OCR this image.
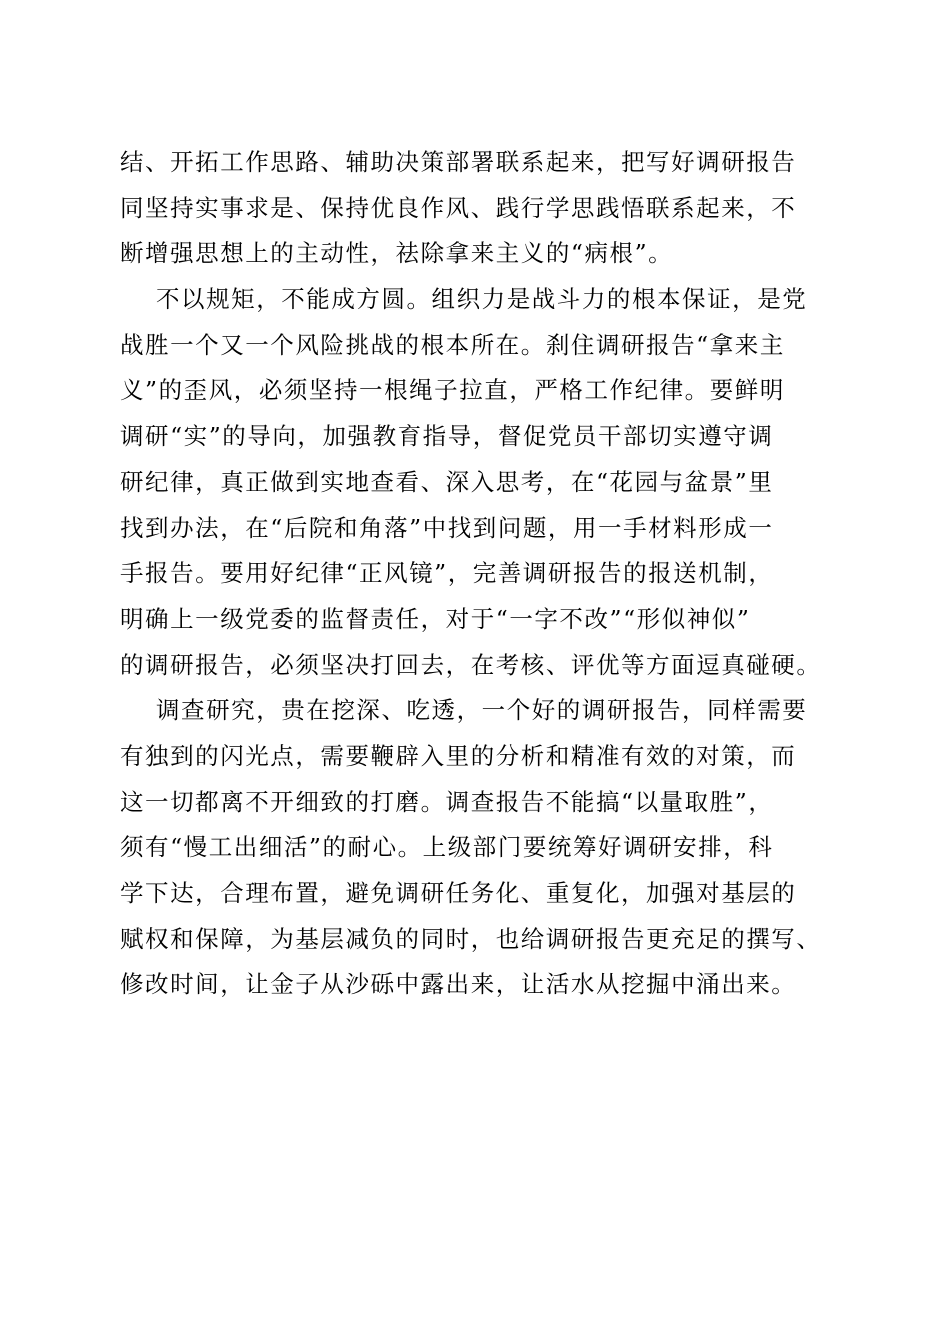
结、开拓工作思路、辅助决策部署联系起来，把写好调研报告
同坚持实事求是、保持优良作风、践行学思践悟联系起来，不
断增强思想上的主动性，祛除拿来主义的“病根”。
不以规矩，不能成方圆。组织力是战斗力的根本保证，是党
战胜一个又一个风险挑战的根本所在。刹住调研报告“拿来主
义”的歪风，必须坚持一根绳子拉直，严格工作纪律。要鲜明
调研“实”的导向，加强教育指导，督促党员干部切实遵守调
研纪律，真正做到实地查看、深入思考，在“花园与盆景”里
找到办法，在“后院和角落”中找到问题，用一手材料形成一
手报告。要用好纪律“正风镜”，完善调研报告的报送机制，
明确上一级党委的监督责任，对于“一字不改”“形似神似”
的调研报告，必须坚决打回去，在考核、评优等方面逗真碰硬。
调查研究，贵在挖深、吃透，一个好的调研报告，同样需要
有独到的闪光点，需要鞭辟入里的分析和精准有效的对策，而
这一切都离不开细致的打磨。调查报告不能搞“以量取胜”，
须有“慢工出细活”的耐心。上级部门要统筹好调研安排，科
学下达，合理布置，避免调研任务化、重复化，加强对基层的
赋权和保障，为基层减负的同时，也给调研报告更充足的撰写、
修改时间，让金子从沙砾中露出来，让活水从挖掘中涌出来。
